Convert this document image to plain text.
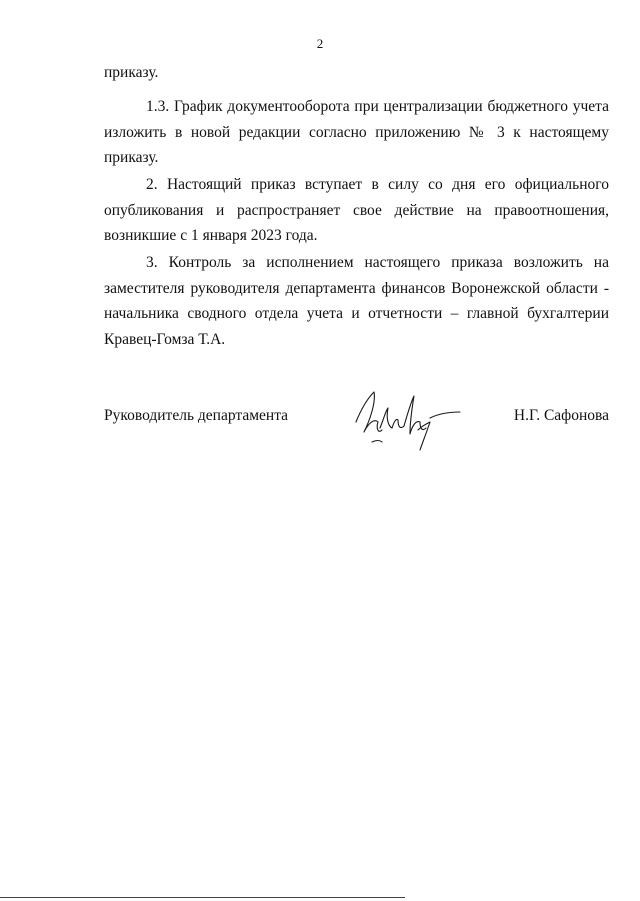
2
приказу.
1.3. График документооборота при централизации бюджетного учета изложить в новой редакции согласно приложению № 3 к настоящему приказу.
2. Настоящий приказ вступает в силу со дня его официального опубликования и распространяет свое действие на правоотношения, возникшие с 1 января 2023 года.
3. Контроль за исполнением настоящего приказа возложить на заместителя руководителя департамента финансов Воронежской области - начальника сводного отдела учета и отчетности – главной бухгалтерии Кравец-Гомза Т.А.
Руководитель департамента	Н.Г. Сафонова
